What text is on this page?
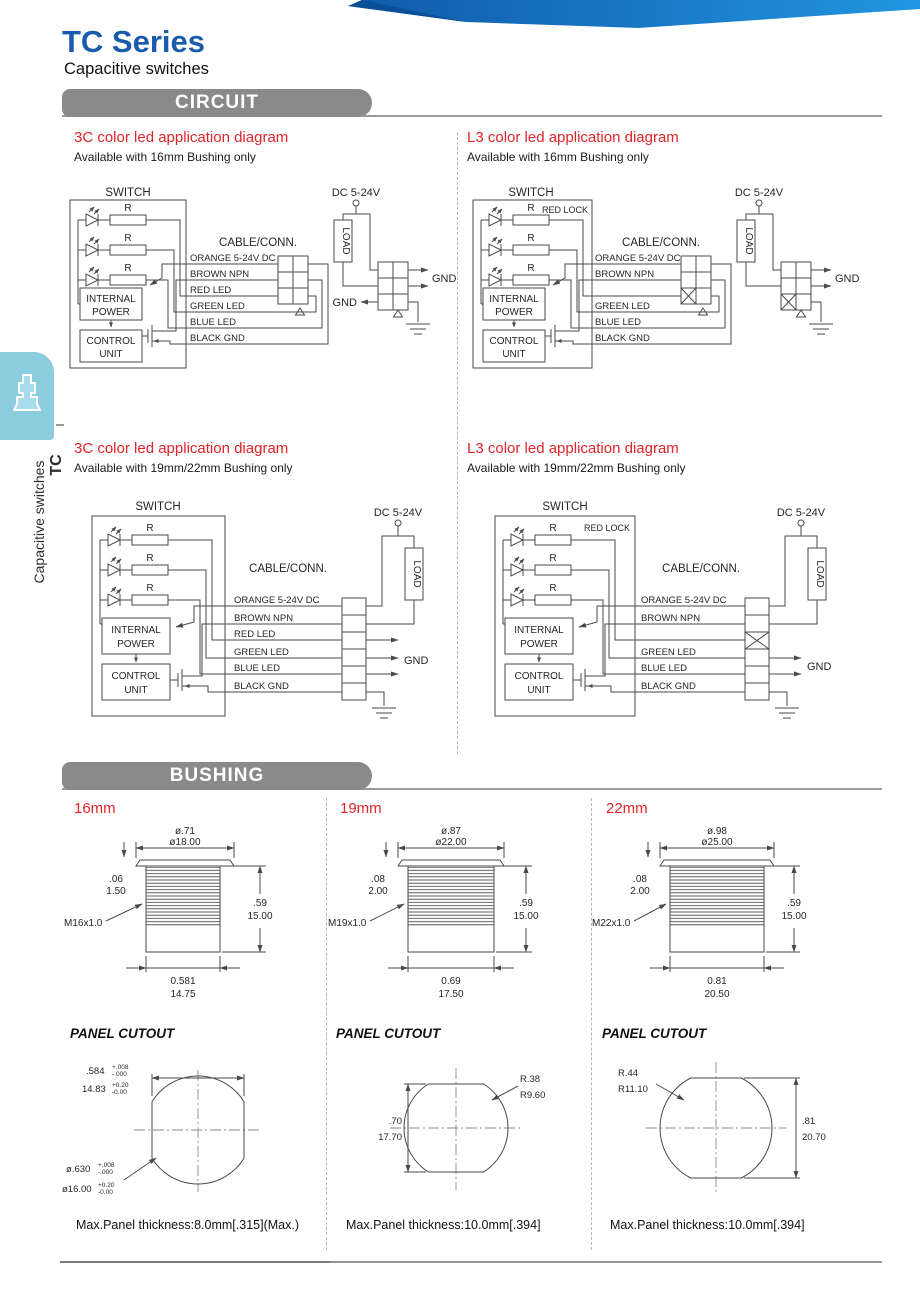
TC Series
Capacitive switches
CIRCUIT
TC
Capacitive switches
3C color led application diagram
Available with 16mm Bushing only
L3 color led application diagram
Available with 16mm Bushing only
3C color led application diagram
Available with 19mm/22mm Bushing only
L3 color led application diagram
Available with 19mm/22mm Bushing only
SWITCH
R
R
R
INTERNAL
POWER
CONTROL
UNIT
CABLE/CONN.
ORANGE 5-24V DC
BROWN NPN
RED LED
GREEN LED
BLUE LED
BLACK GND
DC 5-24V
LOAD
GND
GND
SWITCH
RED LOCK
R
R
R
INTERNAL
POWER
CONTROL
UNIT
CABLE/CONN.
ORANGE 5-24V DC
BROWN NPN
GREEN LED
BLUE LED
BLACK GND
DC 5-24V
LOAD
GND
SWITCH
R
R
R
INTERNAL
POWER
CONTROL
UNIT
CABLE/CONN.
ORANGE 5-24V DC
BROWN NPN
RED LED
GREEN LED
BLUE LED
BLACK GND
DC 5-24V
LOAD
GND
SWITCH
RED LOCK
R
R
R
INTERNAL
POWER
CONTROL
UNIT
CABLE/CONN.
ORANGE 5-24V DC
BROWN NPN
GREEN LED
BLUE LED
BLACK GND
DC 5-24V
LOAD
GND
BUSHING
16mm	19mm	22mm
ø.71
ø18.00
.06
1.50
M16x1.0
.59
15.00
0.581
14.75
ø.87
ø22.00
.08
2.00
M19x1.0
.59
15.00
0.69
17.50
ø.98
ø25.00
.08
2.00
M22x1.0
.59
15.00
0.81
20.50
PANEL CUTOUT	PANEL CUTOUT	PANEL CUTOUT
.584 +.008
-.000
14.83 +0.20
-0.00
ø.630 +.008
-.000
ø16.00 +0.20
-0.00
.70
17.70
R.38
R9.60
.81
20.70
R.44
R11.10
Max.Panel thickness:8.0mm[.315](Max.)	Max.Panel thickness:10.0mm[.394]	Max.Panel thickness:10.0mm[.394]
